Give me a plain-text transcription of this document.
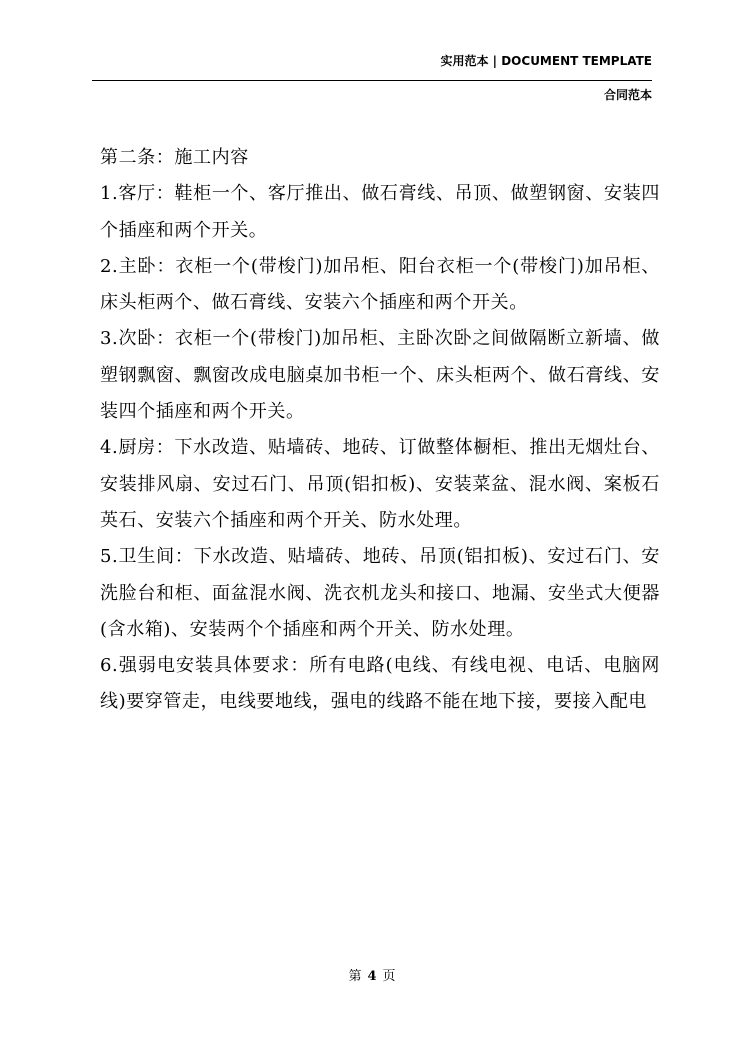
实用范本 | DOCUMENT TEMPLATE
合同范本

第二条：施工内容

1.客厅：鞋柜一个、客厅推出、做石膏线、吊顶、做塑钢窗、安装四个插座和两个开关。

2.主卧：衣柜一个(带梭门)加吊柜、阳台衣柜一个(带梭门)加吊柜、床头柜两个、做石膏线、安装六个插座和两个开关。

3.次卧：衣柜一个(带梭门)加吊柜、主卧次卧之间做隔断立新墙、做塑钢飘窗、飘窗改成电脑桌加书柜一个、床头柜两个、做石膏线、安装四个插座和两个开关。

4.厨房：下水改造、贴墙砖、地砖、订做整体橱柜、推出无烟灶台、安装排风扇、安过石门、吊顶(铝扣板)、安装菜盆、混水阀、案板石英石、安装六个插座和两个开关、防水处理。

5.卫生间：下水改造、贴墙砖、地砖、吊顶(铝扣板)、安过石门、安洗脸台和柜、面盆混水阀、洗衣机龙头和接口、地漏、安坐式大便器(含水箱)、安装两个个插座和两个开关、防水处理。

6.强弱电安装具体要求：所有电路(电线、有线电视、电话、电脑网线)要穿管走，电线要地线，强电的线路不能在地下接，要接入配电

第 4 页
